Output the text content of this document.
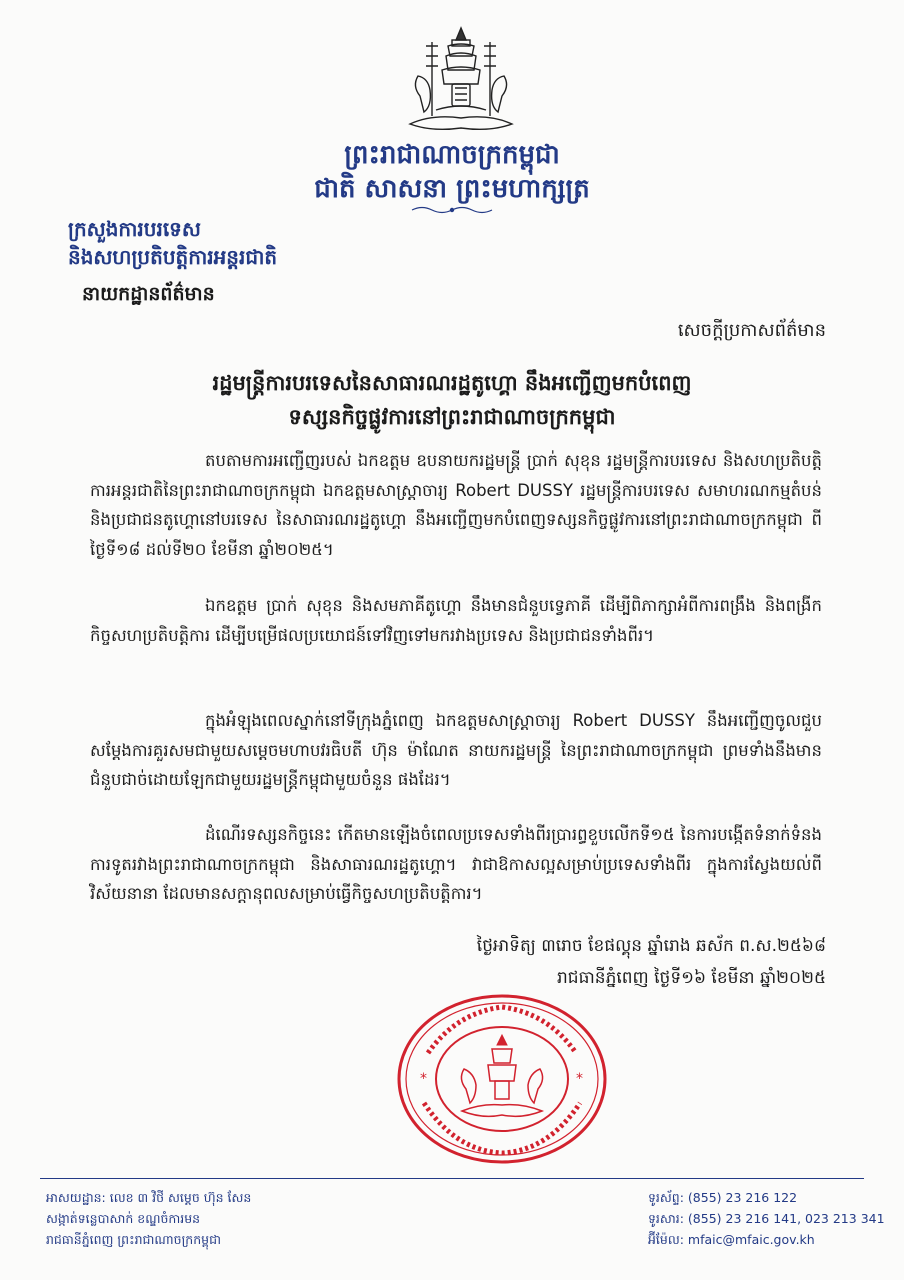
ព្រះរាជាណាចក្រកម្ពុជា
ជាតិ សាសនា ព្រះមហាក្សត្រ
ក្រសួងការបរទេស
និងសហប្រតិបត្តិការអន្តរជាតិ
នាយកដ្ឋានព័ត៌មាន
សេចក្ដីប្រកាសព័ត៌មាន
រដ្ឋមន្ត្រីការបរទេសនៃសាធារណរដ្ឋតូហ្គោ នឹងអញ្ជើញមកបំពេញ
ទស្សនកិច្ចផ្លូវការនៅព្រះរាជាណាចក្រកម្ពុជា
តបតាមការអញ្ជើញរបស់ ឯកឧត្ដម ឧបនាយករដ្ឋមន្ត្រី ប្រាក់ សុខុន រដ្ឋមន្ត្រីការបរទេស និងសហប្រតិបត្តិការអន្តរជាតិនៃព្រះរាជាណាចក្រកម្ពុជា ឯកឧត្តមសាស្ត្រាចារ្យ Robert DUSSY រដ្ឋមន្ត្រីការបរទេស សមាហរណកម្មតំបន់ និងប្រជាជនតូហ្គោនៅបរទេស នៃសាធារណរដ្ឋតូហ្គោ នឹងអញ្ជើញមកបំពេញទស្សនកិច្ចផ្លូវការនៅព្រះរាជាណាចក្រកម្ពុជា ពីថ្ងៃទី១៨ ដល់ទី២០ ខែមីនា ឆ្នាំ២០២៥។
ឯកឧត្តម ប្រាក់ សុខុន និងសមភាគីតូហ្គោ នឹងមានជំនួបទ្វេភាគី ដើម្បីពិភាក្សាអំពីការពង្រឹង និងពង្រីកកិច្ចសហប្រតិបត្តិការ ដើម្បីបម្រើផលប្រយោជន៍ទៅវិញទៅមករវាងប្រទេស និងប្រជាជនទាំងពីរ។
ក្នុងអំឡុងពេលស្នាក់នៅទីក្រុងភ្នំពេញ ឯកឧត្តមសាស្ត្រាចារ្យ Robert DUSSY នឹងអញ្ជើញចូលជួបសម្ដែងការគួរសមជាមួយសម្ដេចមហាបវរធិបតី ហ៊ុន ម៉ាណែត នាយករដ្ឋមន្ត្រី នៃព្រះរាជាណាចក្រកម្ពុជា ព្រមទាំងនឹងមានជំនួបជាច់ដោយឡែកជាមួយរដ្ឋមន្ត្រីកម្ពុជាមួយចំនួន ផងដែរ។
ដំណើរទស្សនកិច្ចនេះ កើតមានឡើងចំពេលប្រទេសទាំងពីរប្រារព្ធខួបលើកទី១៥ នៃការបង្កើតទំនាក់ទំនងការទូតរវាងព្រះរាជាណាចក្រកម្ពុជា និងសាធារណរដ្ឋតូហ្គោ។ វាជាឱកាសល្អសម្រាប់ប្រទេសទាំងពីរ ក្នុងការស្វែងយល់ពីវិស័យនានា ដែលមានសក្ដានុពលសម្រាប់ធ្វើកិច្ចសហប្រតិបត្តិការ។
ថ្ងៃអាទិត្យ ៣រោច ខែផល្គុន ឆ្នាំរោង ឆស័ក ព.ស.២៥៦៨
រាជធានីភ្នំពេញ ថ្ងៃទី១៦ ខែមីនា ឆ្នាំ២០២៥
*	*
អាសយដ្ឋាន: លេខ ៣ វិថី សម្តេច ហ៊ុន សែន
សង្កាត់ទន្លេបាសាក់ ខណ្ឌចំការមន
រាជធានីភ្នំពេញ ព្រះរាជាណាចក្រកម្ពុជា
ទូរស័ព្ទ: (855) 23 216 122
ទូរសារ: (855) 23 216 141, 023 213 341
អ៊ីម៉ែល: mfaic@mfaic.gov.kh
